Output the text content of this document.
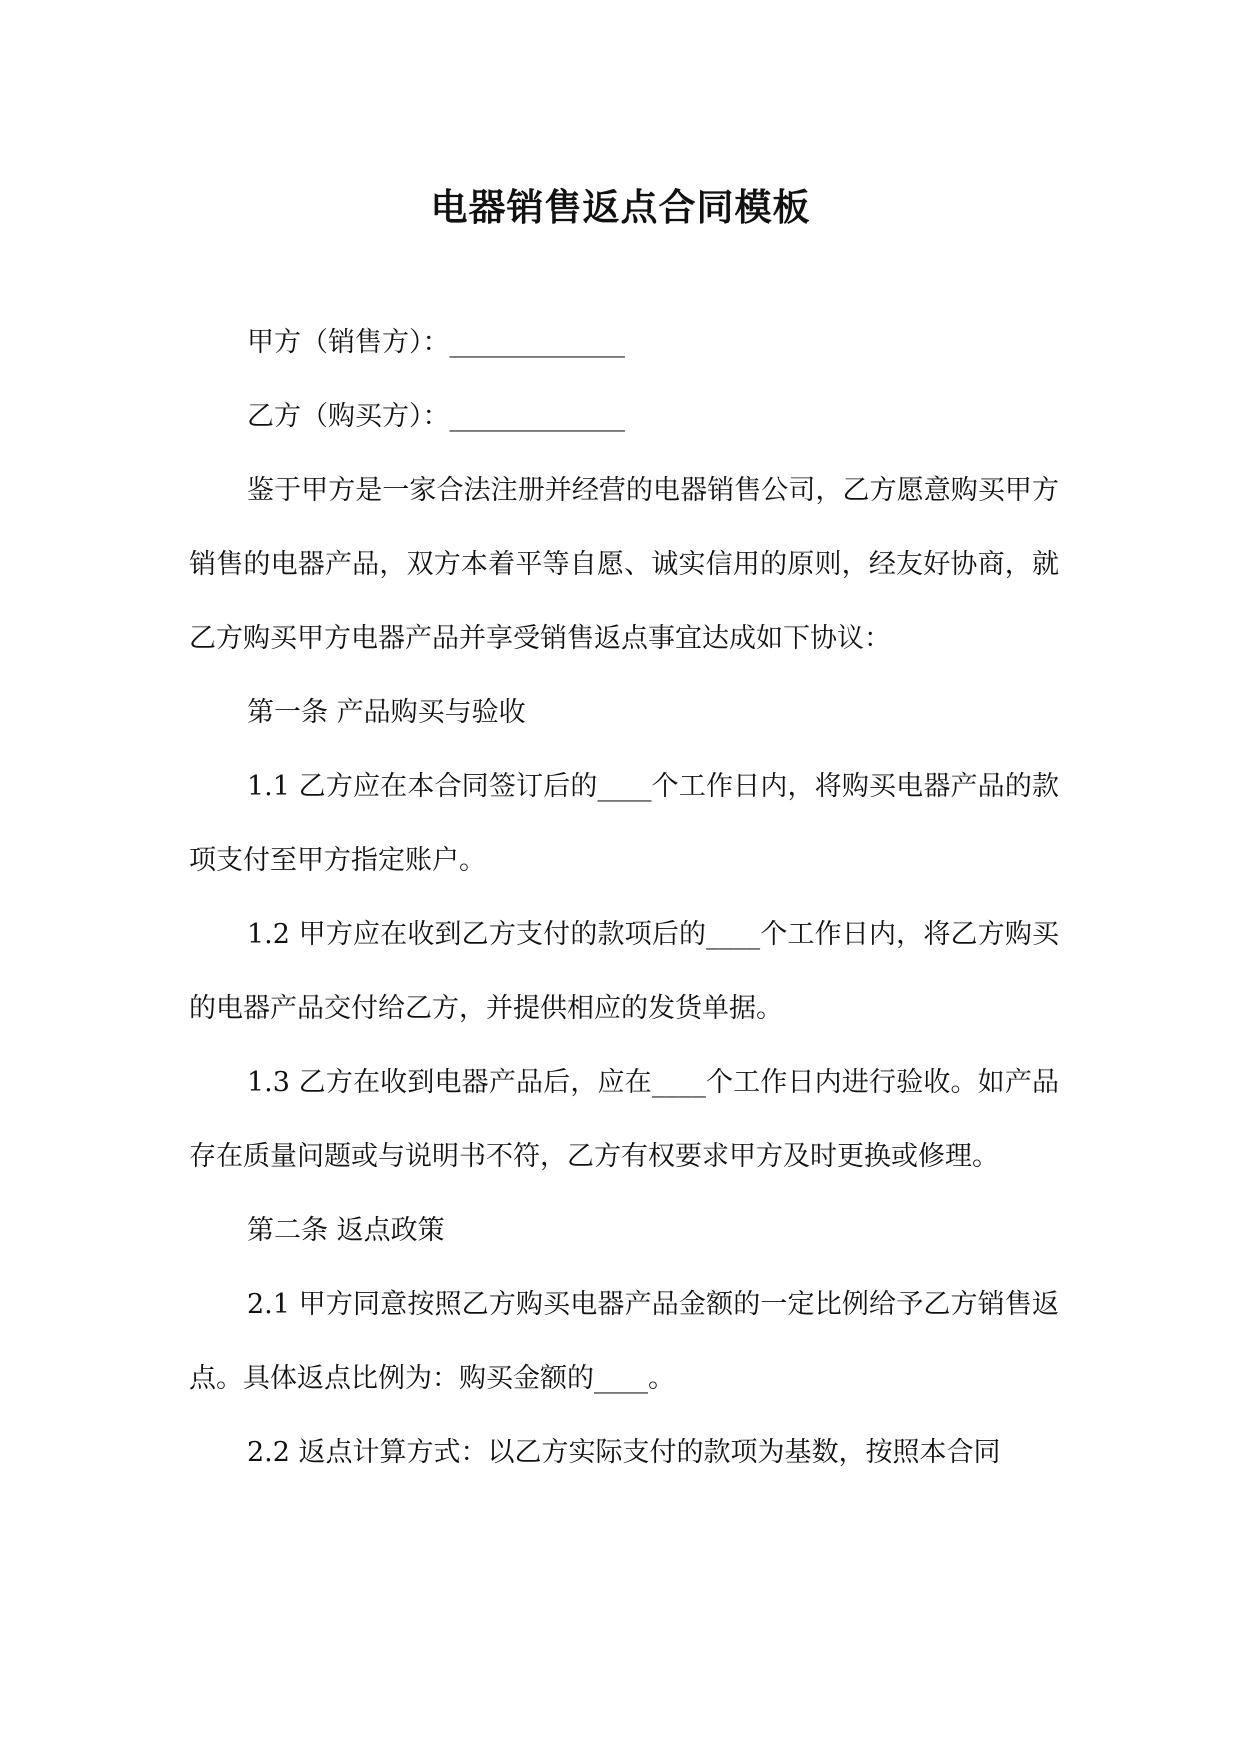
电器销售返点合同模板

甲方（销售方）：_____________

乙方（购买方）：_____________

鉴于甲方是一家合法注册并经营的电器销售公司，乙方愿意购买甲方销售的电器产品，双方本着平等自愿、诚实信用的原则，经友好协商，就乙方购买甲方电器产品并享受销售返点事宜达成如下协议：

第一条 产品购买与验收

1.1 乙方应在本合同签订后的____个工作日内，将购买电器产品的款项支付至甲方指定账户。

1.2 甲方应在收到乙方支付的款项后的____个工作日内，将乙方购买的电器产品交付给乙方，并提供相应的发货单据。

1.3 乙方在收到电器产品后，应在____个工作日内进行验收。如产品存在质量问题或与说明书不符，乙方有权要求甲方及时更换或修理。

第二条 返点政策

2.1 甲方同意按照乙方购买电器产品金额的一定比例给予乙方销售返点。具体返点比例为：购买金额的____。

2.2 返点计算方式：以乙方实际支付的款项为基数，按照本合同
